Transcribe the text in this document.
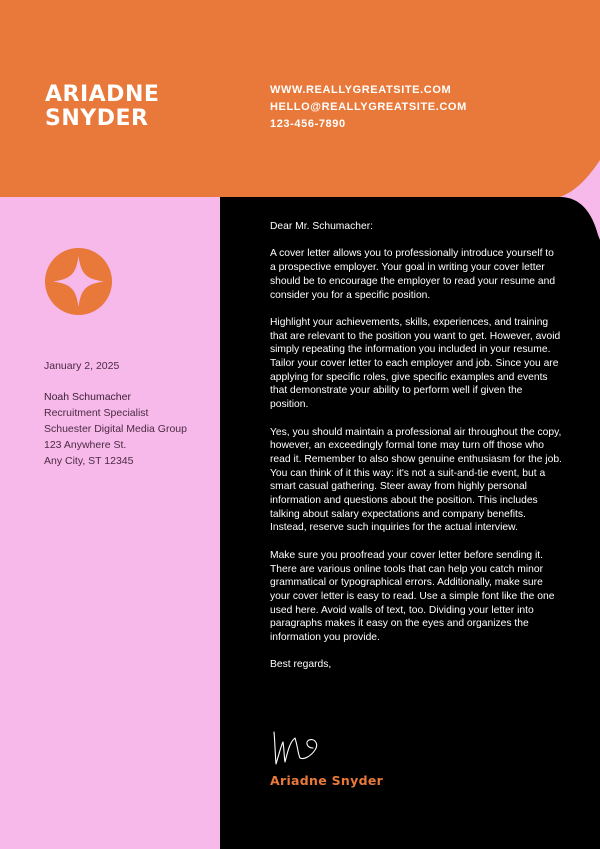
ARIADNE
SNYDER
WWW.REALLYGREATSITE.COM
HELLO@REALLYGREATSITE.COM
123-456-7890
January 2, 2025
Noah Schumacher
Recruitment Specialist
Schuester Digital Media Group
123 Anywhere St.
Any City, ST 12345

Dear Mr. Schumacher:

A cover letter allows you to professionally introduce yourself to a prospective employer. Your goal in writing your cover letter should be to encourage the employer to read your resume and consider you for a specific position.

Highlight your achievements, skills, experiences, and training that are relevant to the position you want to get. However, avoid simply repeating the information you included in your resume. Tailor your cover letter to each employer and job. Since you are applying for specific roles, give specific examples and events that demonstrate your ability to perform well if given the position.

Yes, you should maintain a professional air throughout the copy, however, an exceedingly formal tone may turn off those who read it. Remember to also show genuine enthusiasm for the job. You can think of it this way: it's not a suit-and-tie event, but a smart casual gathering. Steer away from highly personal information and questions about the position. This includes talking about salary expectations and company benefits. Instead, reserve such inquiries for the actual interview.

Make sure you proofread your cover letter before sending it. There are various online tools that can help you catch minor grammatical or typographical errors. Additionally, make sure your cover letter is easy to read. Use a simple font like the one used here. Avoid walls of text, too. Dividing your letter into paragraphs makes it easy on the eyes and organizes the information you provide.

Best regards,

Ariadne Snyder
